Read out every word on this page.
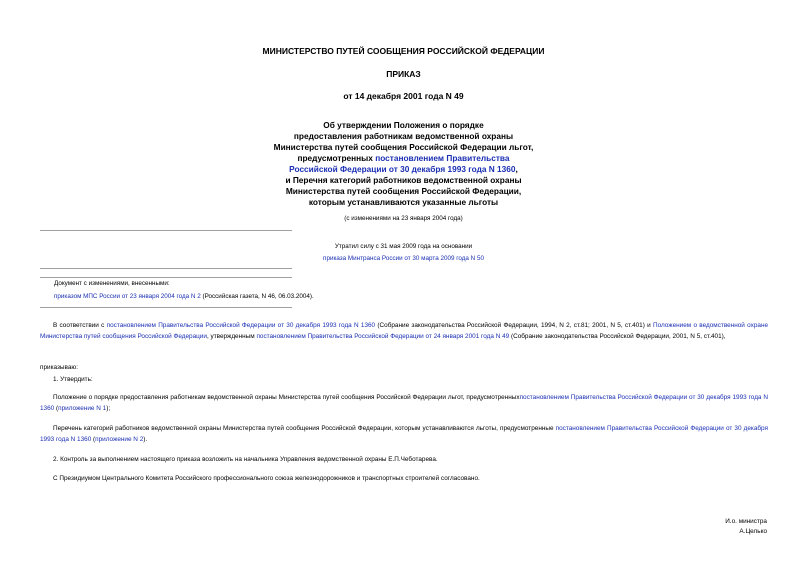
МИНИСТЕРСТВО ПУТЕЙ СООБЩЕНИЯ РОССИЙСКОЙ ФЕДЕРАЦИИ
ПРИКАЗ
от 14 декабря 2001 года N 49
Об утверждении Положения о порядке
предоставления работникам ведомственной охраны
Министерства путей сообщения Российской Федерации льгот,
предусмотренных постановлением Правительства
Российской Федерации от 30 декабря 1993 года N 1360,
и Перечня категорий работников ведомственной охраны
Министерства путей сообщения Российской Федерации,
которым устанавливаются указанные льготы
(с изменениями на 23 января 2004 года)
Утратил силу с 31 мая 2009 года на основании
приказа Минтранса России от 30 марта 2009 года N 50
Документ с изменениями, внесенными:
приказом МПС России от 23 января 2004 года N 2 (Российская газета, N 46, 06.03.2004).
В соответствии с постановлением Правительства Российской Федерации от 30 декабря 1993 года N 1360 (Собрание законодательства Российской Федерации, 1994, N 2, ст.81; 2001, N 5, ст.401) и Положением о ведомственной охране Министерства путей сообщения Российской Федерации, утвержденным постановлением Правительства Российской Федерации от 24 января 2001 года N 49 (Собрание законодательства Российской Федерации, 2001, N 5, ст.401),
приказываю:
1. Утвердить:
Положение о порядке предоставления работникам ведомственной охраны Министерства путей сообщения Российской Федерации льгот, предусмотренныхпостановлением Правительства Российской Федерации от 30 декабря 1993 года N 1360 (приложение N 1);
Перечень категорий работников ведомственной охраны Министерства путей сообщения Российской Федерации, которым устанавливаются льготы, предусмотренные постановлением Правительства Российской Федерации от 30 декабря 1993 года N 1360 (приложение N 2).
2. Контроль за выполнением настоящего приказа возложить на начальника Управления ведомственной охраны Е.П.Чеботарева.
С Президиумом Центрального Комитета Российского профессионального союза железнодорожников и транспортных строителей согласовано.
И.о. министра
А.Целько
